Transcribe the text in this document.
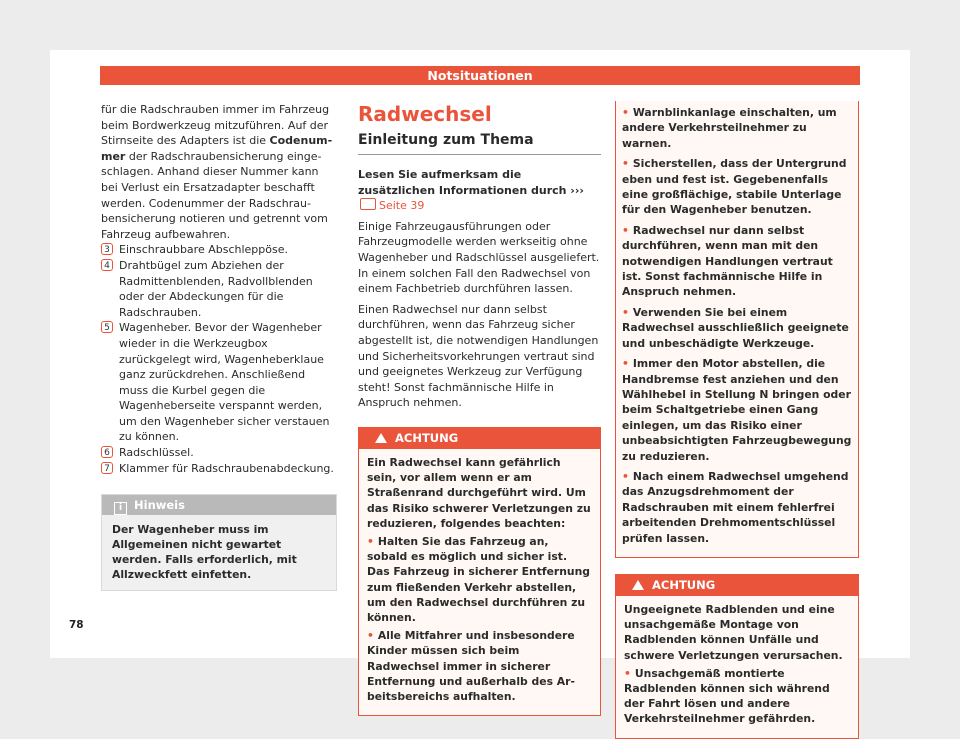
Notsituationen

für die Radschrauben immer im Fahrzeug beim Bordwerkzeug mitzuführen. Auf der Stirnseite des Adapters ist die Codenummer der Radschraubensicherung eingeschlagen. Anhand dieser Nummer kann bei Verlust ein Ersatzadapter beschafft werden. Codenummer der Radschraubensicherung notieren und getrennt vom Fahrzeug aufbewahren.

3 Einschraubbare Abschleppöse.

4 Drahtbügel zum Abziehen der Radmittenblenden, Radvollblenden oder der Abdeckungen für die Radschrauben.

5 Wagenheber. Bevor der Wagenheber wieder in die Werkzeugbox zurückgelegt wird, Wagenheberklaue ganz zurückdrehen. Anschließend muss die Kurbel gegen die Wagenheberseite verspannt werden, um den Wagenheber sicher verstauen zu können.

6 Radschlüssel.

7 Klammer für Radschraubenabdeckung.

i Hinweis
Der Wagenheber muss im Allgemeinen nicht gewartet werden. Falls erforderlich, mit Allzweckfett einfetten.
Radwechsel
Einleitung zum Thema

Lesen Sie aufmerksam die zusätzlichen Informationen durch ››› Seite 39

Einige Fahrzeugausführungen oder Fahrzeugmodelle werden werkseitig ohne Wagenheber und Radschlüssel ausgeliefert. In einem solchen Fall den Radwechsel von einem Fachbetrieb durchführen lassen.

Einen Radwechsel nur dann selbst durchführen, wenn das Fahrzeug sicher abgestellt ist, die notwendigen Handlungen und Sicherheitsvorkehrungen vertraut sind und geeignetes Werkzeug zur Verfügung steht! Sonst fachmännische Hilfe in Anspruch nehmen.

ACHTUNG

Ein Radwechsel kann gefährlich sein, vor allem wenn er am Straßenrand durchgeführt wird. Um das Risiko schwerer Verletzungen zu reduzieren, folgendes beachten:

• Halten Sie das Fahrzeug an, sobald es möglich und sicher ist. Das Fahrzeug in sicherer Entfernung zum fließenden Verkehr abstellen, um den Radwechsel durchführen zu können.

• Alle Mitfahrer und insbesondere Kinder müssen sich beim Radwechsel immer in sicherer Entfernung und außerhalb des Arbeitsbereichs aufhalten.

• Warnblinkanlage einschalten, um andere Verkehrsteilnehmer zu warnen.

• Sicherstellen, dass der Untergrund eben und fest ist. Gegebenenfalls eine großflächige, stabile Unterlage für den Wagenheber benutzen.

• Radwechsel nur dann selbst durchführen, wenn man mit den notwendigen Handlungen vertraut ist. Sonst fachmännische Hilfe in Anspruch nehmen.

• Verwenden Sie bei einem Radwechsel ausschließlich geeignete und unbeschädigte Werkzeuge.

• Immer den Motor abstellen, die Handbremse fest anziehen und den Wählhebel in Stellung N bringen oder beim Schaltgetriebe einen Gang einlegen, um das Risiko einer unbeabsichtigten Fahrzeugbewegung zu reduzieren.

• Nach einem Radwechsel umgehend das Anzugsdrehmoment der Radschrauben mit einem fehlerfrei arbeitenden Drehmomentschlüssel prüfen lassen.

ACHTUNG

Ungeeignete Radblenden und eine unsachgemäße Montage von Radblenden können Unfälle und schwere Verletzungen verursachen.

• Unsachgemäß montierte Radblenden können sich während der Fahrt lösen und andere Verkehrsteilnehmer gefährden.

78
